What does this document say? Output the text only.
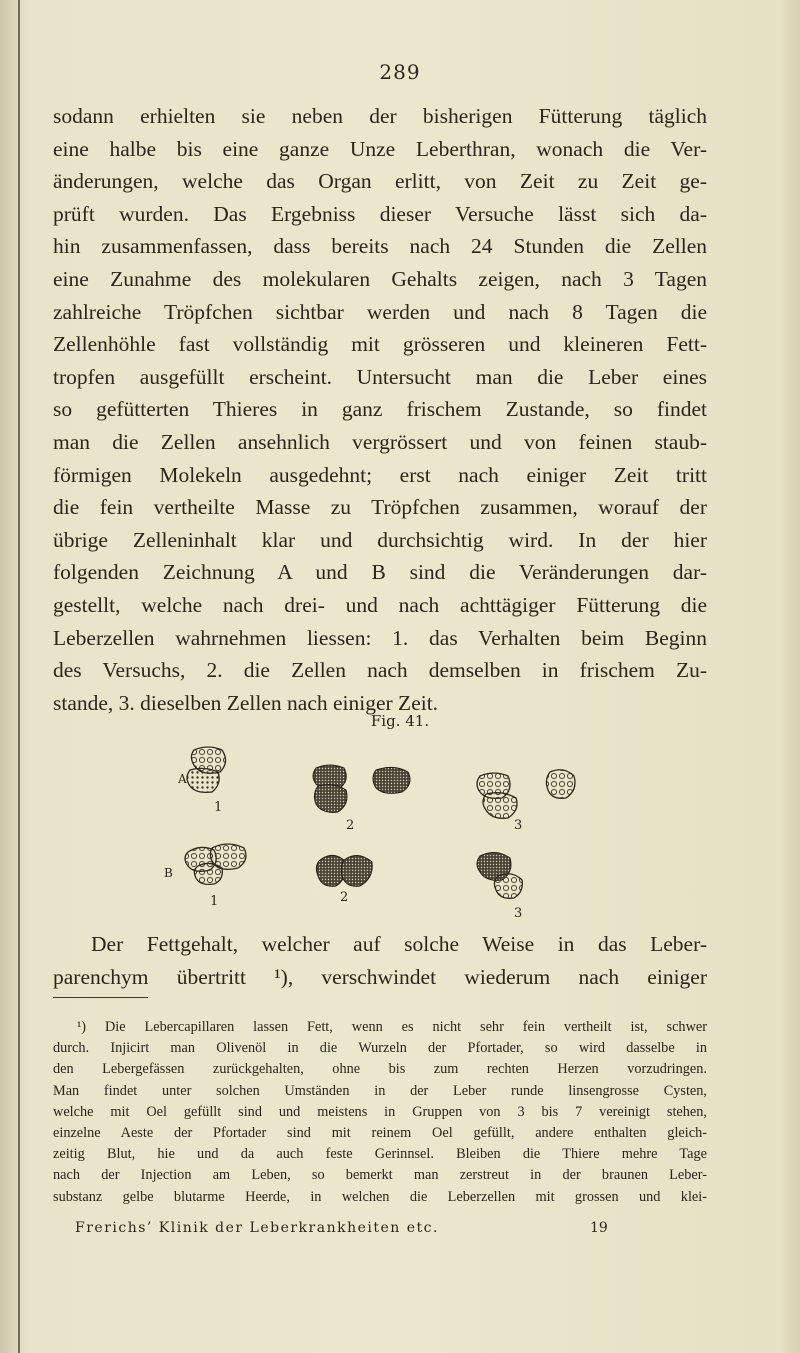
289

sodann erhielten sie neben der bisherigen Fütterung täglich
eine halbe bis eine ganze Unze Leberthran, wonach die Ver-
änderungen, welche das Organ erlitt, von Zeit zu Zeit ge-
prüft wurden. Das Ergebniss dieser Versuche lässt sich da-
hin zusammenfassen, dass bereits nach 24 Stunden die Zellen
eine Zunahme des molekularen Gehalts zeigen, nach 3 Tagen
zahlreiche Tröpfchen sichtbar werden und nach 8 Tagen die
Zellenhöhle fast vollständig mit grösseren und kleineren Fett-
tropfen ausgefüllt erscheint. Untersucht man die Leber eines
so gefütterten Thieres in ganz frischem Zustande, so findet
man die Zellen ansehnlich vergrössert und von feinen staub-
förmigen Molekeln ausgedehnt; erst nach einiger Zeit tritt
die fein vertheilte Masse zu Tröpfchen zusammen, worauf der
übrige Zelleninhalt klar und durchsichtig wird. In der hier
folgenden Zeichnung A und B sind die Veränderungen dar-
gestellt, welche nach drei- und nach achttägiger Fütterung die
Leberzellen wahrnehmen liessen: 1. das Verhalten beim Beginn
des Versuchs, 2. die Zellen nach demselben in frischem Zu-
stande, 3. dieselben Zellen nach einiger Zeit.

Fig. 41.
A
B
1
2	3
1	2
3

Der Fettgehalt, welcher auf solche Weise in das Leber-
parenchym übertritt ¹), verschwindet wiederum nach einiger

¹) Die Lebercapillaren lassen Fett, wenn es nicht sehr fein vertheilt ist, schwer
durch. Injicirt man Olivenöl in die Wurzeln der Pfortader, so wird dasselbe in
den Lebergefässen zurückgehalten, ohne bis zum rechten Herzen vorzudringen.
Man findet unter solchen Umständen in der Leber runde linsengrosse Cysten,
welche mit Oel gefüllt sind und meistens in Gruppen von 3 bis 7 vereinigt stehen,
einzelne Aeste der Pfortader sind mit reinem Oel gefüllt, andere enthalten gleich-
zeitig Blut, hie und da auch feste Gerinnsel. Bleiben die Thiere mehre Tage
nach der Injection am Leben, so bemerkt man zerstreut in der braunen Leber-
substanz gelbe blutarme Heerde, in welchen die Leberzellen mit grossen und klei-

Frerichs’ Klinik der Leberkrankheiten etc.	19
